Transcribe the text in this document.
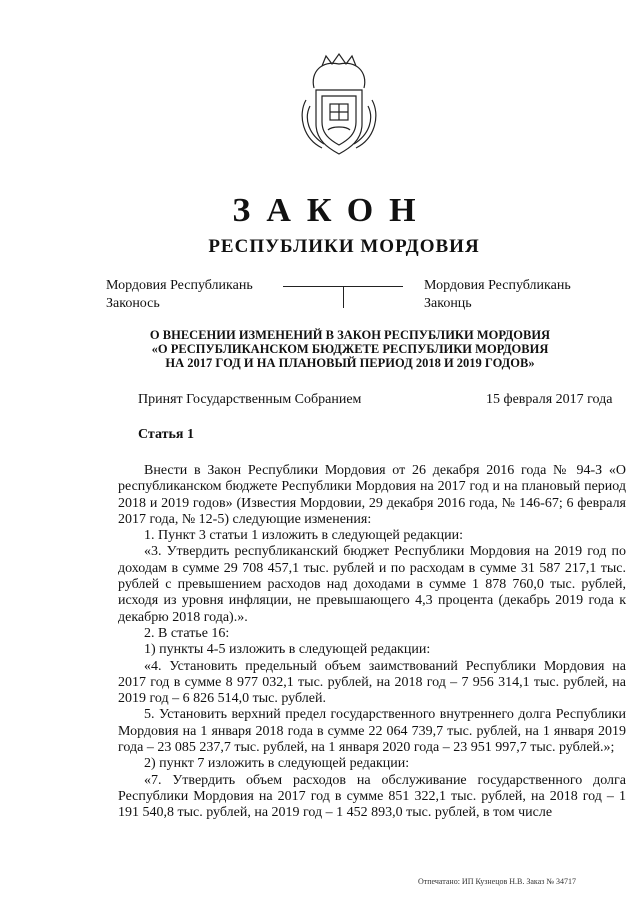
ЗАКОН
РЕСПУБЛИКИ МОРДОВИЯ
Мордовия Республикань
Законось
Мордовия Республикань
Законць
О ВНЕСЕНИИ ИЗМЕНЕНИЙ В ЗАКОН РЕСПУБЛИКИ МОРДОВИЯ
«О РЕСПУБЛИКАНСКОМ БЮДЖЕТЕ РЕСПУБЛИКИ МОРДОВИЯ
НА 2017 ГОД И НА ПЛАНОВЫЙ ПЕРИОД 2018 И 2019 ГОДОВ»
Принят Государственным Собранием	15 февраля 2017 года
Статья 1

Внести в Закон Республики Мордовия от 26 декабря 2016 года № 94-З «О республиканском бюджете Республики Мордовия на 2017 год и на плановый период 2018 и 2019 годов» (Известия Мордовии, 29 декабря 2016 года, № 146-67; 6 февраля 2017 года, № 12-5) следующие изменения:

1. Пункт 3 статьи 1 изложить в следующей редакции:

«3. Утвердить республиканский бюджет Республики Мордовия на 2019 год по доходам в сумме 29 708 457,1 тыс. рублей и по расходам в сумме 31 587 217,1 тыс. рублей с превышением расходов над доходами в сумме 1 878 760,0 тыс. рублей, исходя из уровня инфляции, не превышающего 4,3 процента (декабрь 2019 года к декабрю 2018 года).».

2. В статье 16:

1) пункты 4-5 изложить в следующей редакции:

«4. Установить предельный объем заимствований Республики Мордовия на 2017 год в сумме 8 977 032,1 тыс. рублей, на 2018 год – 7 956 314,1 тыс. рублей, на 2019 год – 6 826 514,0 тыс. рублей.

5. Установить верхний предел государственного внутреннего долга Республики Мордовия на 1 января 2018 года в сумме 22 064 739,7 тыс. рублей, на 1 января 2019 года – 23 085 237,7 тыс. рублей, на 1 января 2020 года – 23 951 997,7 тыс. рублей.»;

2) пункт 7 изложить в следующей редакции:

«7. Утвердить объем расходов на обслуживание государственного долга Республики Мордовия на 2017 год в сумме 851 322,1 тыс. рублей, на 2018 год – 1 191 540,8 тыс. рублей, на 2019 год – 1 452 893,0 тыс. рублей, в том числе

Отпечатано: ИП Кузнецов Н.В. Заказ № 34717
